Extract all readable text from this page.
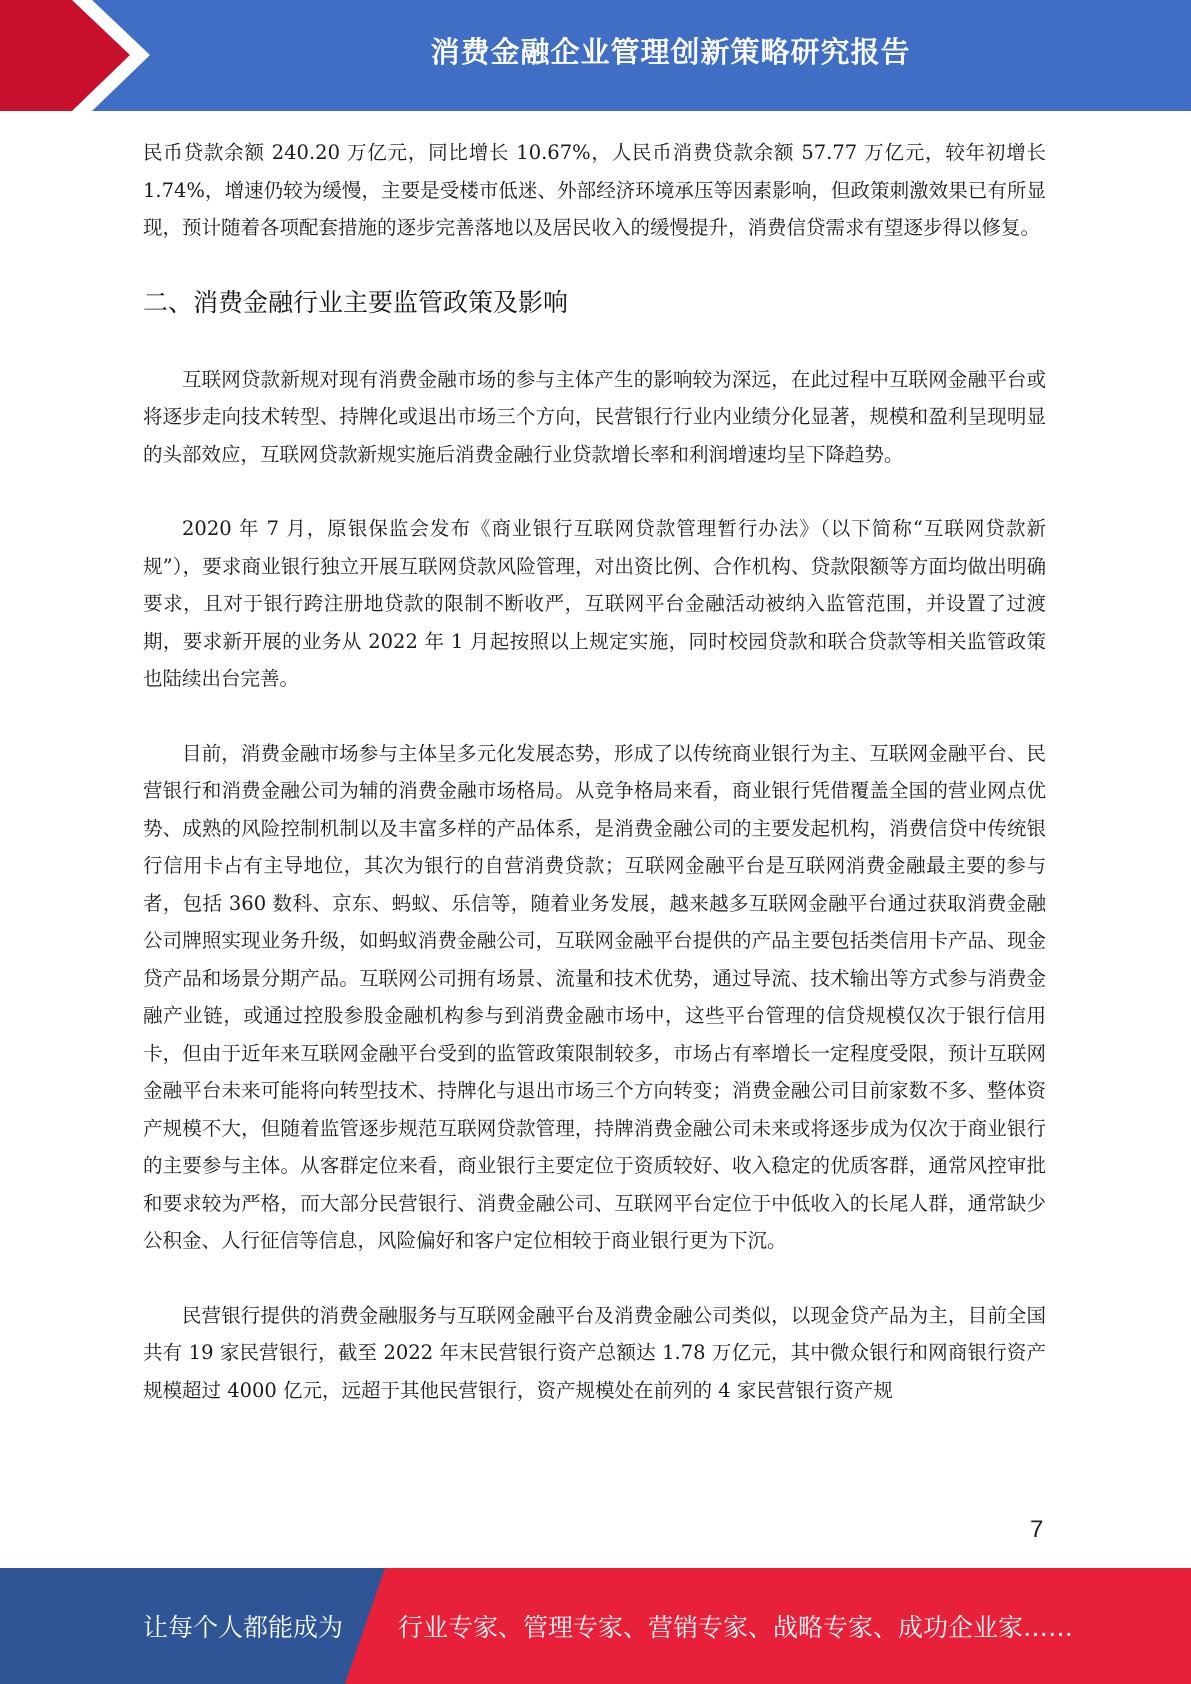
消费金融企业管理创新策略研究报告

民币贷款余额 240.20 万亿元，同比增长 10.67%，人民币消费贷款余额 57.77 万亿元，较年初增长 1.74%，增速仍较为缓慢，主要是受楼市低迷、外部经济环境承压等因素影响，但政策刺激效果已有所显现，预计随着各项配套措施的逐步完善落地以及居民收入的缓慢提升，消费信贷需求有望逐步得以修复。

二、消费金融行业主要监管政策及影响

互联网贷款新规对现有消费金融市场的参与主体产生的影响较为深远，在此过程中互联网金融平台或将逐步走向技术转型、持牌化或退出市场三个方向，民营银行行业内业绩分化显著，规模和盈利呈现明显的头部效应，互联网贷款新规实施后消费金融行业贷款增长率和利润增速均呈下降趋势。

2020 年 7 月，原银保监会发布《商业银行互联网贷款管理暂行办法》（以下简称“互联网贷款新规”），要求商业银行独立开展互联网贷款风险管理，对出资比例、合作机构、贷款限额等方面均做出明确要求，且对于银行跨注册地贷款的限制不断收严，互联网平台金融活动被纳入监管范围，并设置了过渡期，要求新开展的业务从 2022 年 1 月起按照以上规定实施，同时校园贷款和联合贷款等相关监管政策也陆续出台完善。

目前，消费金融市场参与主体呈多元化发展态势，形成了以传统商业银行为主、互联网金融平台、民营银行和消费金融公司为辅的消费金融市场格局。从竞争格局来看，商业银行凭借覆盖全国的营业网点优势、成熟的风险控制机制以及丰富多样的产品体系，是消费金融公司的主要发起机构，消费信贷中传统银行信用卡占有主导地位，其次为银行的自营消费贷款；互联网金融平台是互联网消费金融最主要的参与者，包括 360 数科、京东、蚂蚁、乐信等，随着业务发展，越来越多互联网金融平台通过获取消费金融公司牌照实现业务升级，如蚂蚁消费金融公司，互联网金融平台提供的产品主要包括类信用卡产品、现金贷产品和场景分期产品。互联网公司拥有场景、流量和技术优势，通过导流、技术输出等方式参与消费金融产业链，或通过控股参股金融机构参与到消费金融市场中，这些平台管理的信贷规模仅次于银行信用卡，但由于近年来互联网金融平台受到的监管政策限制较多，市场占有率增长一定程度受限，预计互联网金融平台未来可能将向转型技术、持牌化与退出市场三个方向转变；消费金融公司目前家数不多、整体资产规模不大，但随着监管逐步规范互联网贷款管理，持牌消费金融公司未来或将逐步成为仅次于商业银行的主要参与主体。从客群定位来看，商业银行主要定位于资质较好、收入稳定的优质客群，通常风控审批和要求较为严格，而大部分民营银行、消费金融公司、互联网平台定位于中低收入的长尾人群，通常缺少公积金、人行征信等信息，风险偏好和客户定位相较于商业银行更为下沉。

民营银行提供的消费金融服务与互联网金融平台及消费金融公司类似，以现金贷产品为主，目前全国共有 19 家民营银行，截至 2022 年末民营银行资产总额达 1.78 万亿元，其中微众银行和网商银行资产规模超过 4000 亿元，远超于其他民营银行，资产规模处在前列的 4 家民营银行资产规

7
让每个人都能成为 行业专家、管理专家、营销专家、战略专家、成功企业家……
